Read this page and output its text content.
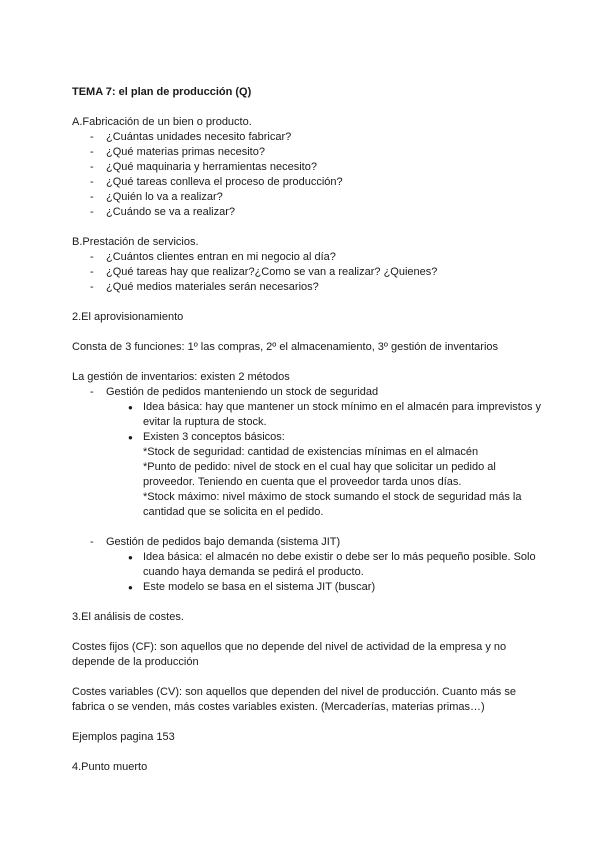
TEMA 7: el plan de producción (Q)

A.Fabricación de un bien o producto.

- ¿Cuántas unidades necesito fabricar?
- ¿Qué materias primas necesito?
- ¿Qué maquinaria y herramientas necesito?
- ¿Qué tareas conlleva el proceso de producción?
- ¿Quién lo va a realizar?
- ¿Cuándo se va a realizar?

B.Prestación de servicios.

- ¿Cuántos clientes entran en mi negocio al día?
- ¿Qué tareas hay que realizar?¿Como se van a realizar? ¿Quienes?
- ¿Qué medios materiales serán necesarios?

2.El aprovisionamiento

Consta de 3 funciones: 1º las compras, 2º el almacenamiento, 3º gestión de inventarios

La gestión de inventarios: existen 2 métodos

- Gestión de pedidos manteniendo un stock de seguridad
● Idea básica: hay que mantener un stock mínimo en el almacén para imprevistos y evitar la ruptura de stock.
● Existen 3 conceptos básicos:
*Stock de seguridad: cantidad de existencias mínimas en el almacén
*Punto de pedido: nivel de stock en el cual hay que solicitar un pedido al proveedor. Teniendo en cuenta que el proveedor tarda unos días.
*Stock máximo: nivel máximo de stock sumando el stock de seguridad más la cantidad que se solicita en el pedido.
- Gestión de pedidos bajo demanda (sistema JIT)
● Idea básica: el almacén no debe existir o debe ser lo más pequeño posible. Solo cuando haya demanda se pedirá el producto.
● Este modelo se basa en el sistema JIT (buscar)

3.El análisis de costes.

Costes fijos (CF): son aquellos que no depende del nivel de actividad de la empresa y no depende de la producción

Costes variables (CV): son aquellos que dependen del nivel de producción. Cuanto más se fabrica o se venden, más costes variables existen. (Mercaderías, materias primas…)

Ejemplos pagina 153

4.Punto muerto
